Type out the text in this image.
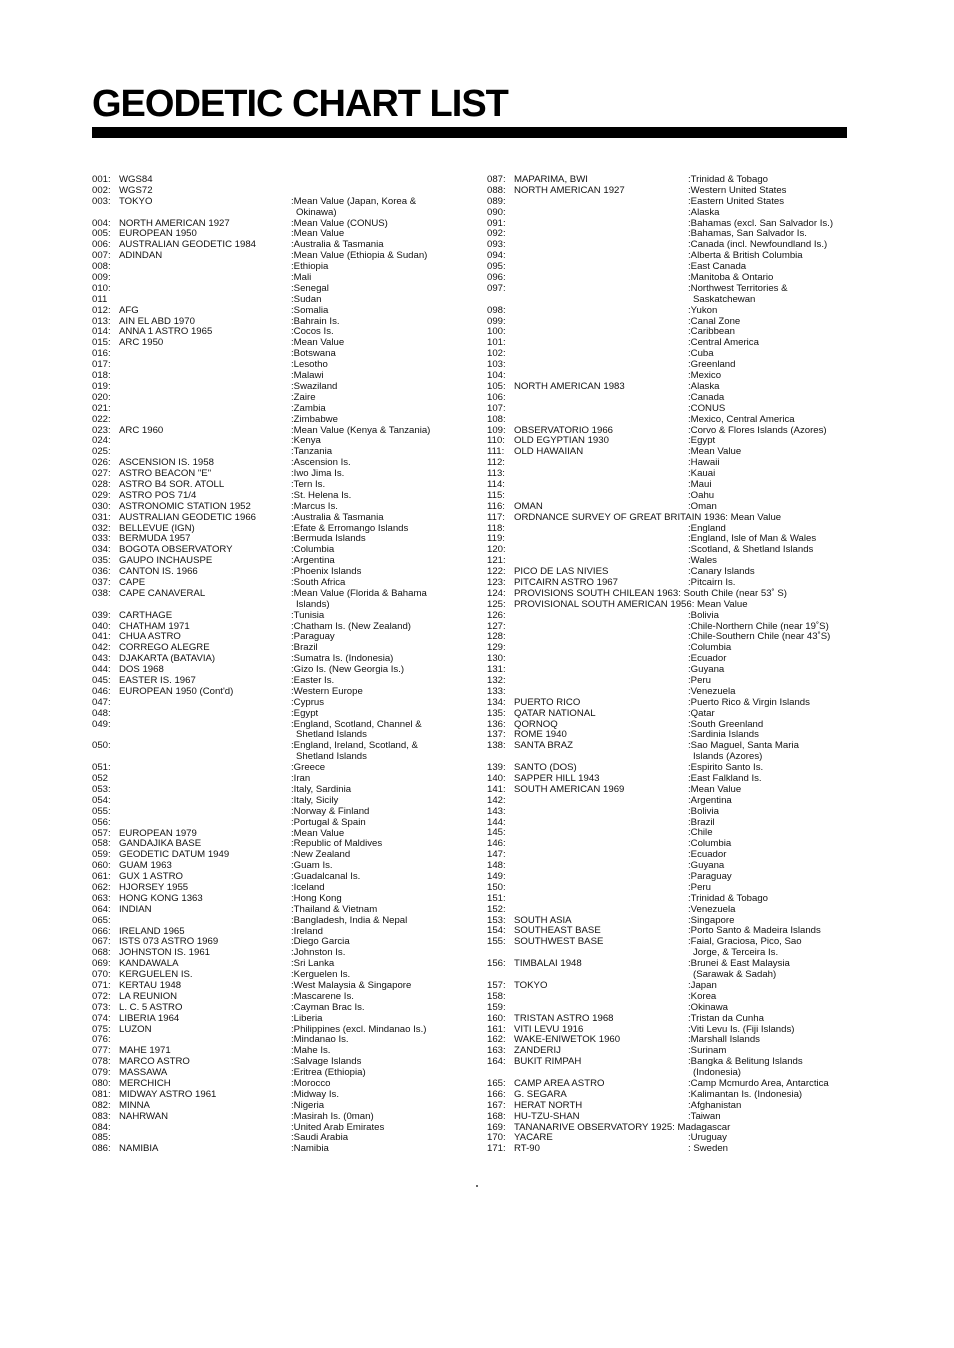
GEODETIC CHART LIST
001: WGS84
002: WGS72
003: TOKYO	:Mean Value (Japan, Korea &
Okinawa)
004: NORTH AMERICAN 1927	:Mean Value (CONUS)
005: EUROPEAN 1950	:Mean Value
006: AUSTRALIAN GEODETIC 1984	:Australia & Tasmania
007: ADINDAN	:Mean Value (Ethiopia & Sudan)
008:	:Ethiopia
009:	:Mali
010:	:Senegal
011	:Sudan
012: AFG	:Somalia
013: AIN EL ABD 1970	:Bahrain Is.
014: ANNA 1 ASTRO 1965	:Cocos Is.
015: ARC 1950	:Mean Value
016:	:Botswana
017:	:Lesotho
018:	:Malawi
019:	:Swaziland
020:	:Zaire
021:	:Zambia
022:	:Zimbabwe
023: ARC 1960	:Mean Value (Kenya & Tanzania)
024:	:Kenya
025:	:Tanzania
026: ASCENSION IS. 1958	:Ascension Is.
027: ASTRO BEACON "E"	:Iwo Jima Is.
028: ASTRO B4 SOR. ATOLL	:Tern Is.
029: ASTRO POS 71/4	:St. Helena Is.
030: ASTRONOMIC STATION 1952	:Marcus Is.
031: AUSTRALIAN GEODETIC 1966	:Australia & Tasmania
032: BELLEVUE (IGN)	:Efate & Erromango Islands
033: BERMUDA 1957	:Bermuda Islands
034: BOGOTA OBSERVATORY	:Columbia
035: GAUPO INCHAUSPE	:Argentina
036: CANTON IS. 1966	:Phoenix Islands
037: CAPE	:South Africa
038: CAPE CANAVERAL	:Mean Value (Florida & Bahama
Islands)
039: CARTHAGE	:Tunisia
040: CHATHAM 1971	:Chatham Is. (New Zealand)
041: CHUA ASTRO	:Paraguay
042: CORREGO ALEGRE	:Brazil
043: DJAKARTA (BATAVIA)	:Sumatra Is. (Indonesia)
044: DOS 1968	:Gizo Is. (New Georgia Is.)
045: EASTER IS. 1967	:Easter Is.
046: EUROPEAN 1950 (Cont'd)	:Western Europe
047:	:Cyprus
048:	:Egypt
049:	:England, Scotland, Channel &
Shetland Islands
050:	:England, Ireland, Scotland, &
Shetland Islands
051:	:Greece
052	:Iran
053:	:Italy, Sardinia
054:	:Italy, Sicily
055:	:Norway & Finland
056:	:Portugal & Spain
057: EUROPEAN 1979	:Mean Value
058: GANDAJIKA BASE	:Republic of Maldives
059: GEODETIC DATUM 1949	:New Zealand
060: GUAM 1963	:Guam Is.
061: GUX 1 ASTRO	:Guadalcanal Is.
062: HJORSEY 1955	:Iceland
063: HONG KONG 1363	:Hong Kong
064: INDIAN	:Thailand & Vietnam
065:	:Bangladesh, India & Nepal
066: IRELAND 1965	:Ireland
067: ISTS 073 ASTRO 1969	:Diego Garcia
068: JOHNSTON IS. 1961	:Johnston Is.
069: KANDAWALA	:Sri Lanka
070: KERGUELEN IS.	:Kerguelen Is.
071: KERTAU 1948	:West Malaysia & Singapore
072: LA REUNION	:Mascarene Is.
073: L. C. 5 ASTRO	:Cayman Brac Is.
074: LIBERIA 1964	:Liberia
075: LUZON	:Philippines (excl. Mindanao Is.)
076:	:Mindanao Is.
077: MAHE 1971	:Mahe Is.
078: MARCO ASTRO	:Salvage Islands
079: MASSAWA	:Eritrea (Ethiopia)
080: MERCHICH	:Morocco
081: MIDWAY ASTRO 1961	:Midway Is.
082: MINNA	:Nigeria
083: NAHRWAN	:Masirah Is. (0man)
084:	:United Arab Emirates
085:	:Saudi Arabia
086: NAMIBIA	:Namibia
087: MAPARIMA, BWI	:Trinidad & Tobago
088: NORTH AMERICAN 1927	:Western United States
089:	:Eastern United States
090:	:Alaska
091:	:Bahamas (excl. San Salvador Is.)
092:	:Bahamas, San Salvador Is.
093:	:Canada (incl. Newfoundland Is.)
094:	:Alberta & British Columbia
095:	:East Canada
096:	:Manitoba & Ontario
097:	:Northwest Territories &
Saskatchewan
098:	:Yukon
099:	:Canal Zone
100:	:Caribbean
101:	:Central America
102:	:Cuba
103:	:Greenland
104:	:Mexico
105: NORTH AMERICAN 1983	:Alaska
106:	:Canada
107:	:CONUS
108:	:Mexico, Central America
109: OBSERVATORIO 1966	:Corvo & Flores Islands (Azores)
110: OLD EGYPTIAN 1930	:Egypt
111: OLD HAWAIIAN	:Mean Value
112:	:Hawaii
113:	:Kauai
114:	:Maui
115:	:Oahu
116: OMAN	:Oman
117: ORDNANCE SURVEY OF GREAT BRITAIN 1936: Mean Value
118:	:England
119:	:England, Isle of Man & Wales
120:	:Scotland, & Shetland Islands
121:	:Wales
122: PICO DE LAS NIVIES	:Canary Islands
123: PITCAIRN ASTRO 1967	:Pitcairn Is.
124: PROVISIONS SOUTH CHILEAN 1963: South Chile (near 53˚ S)
125: PROVISIONAL SOUTH AMERICAN 1956: Mean Value
126:	:Bolivia
127:	:Chile-Northern Chile (near 19˚S)
128:	:Chile-Southern Chile (near 43˚S)
129:	:Columbia
130:	:Ecuador
131:	:Guyana
132:	:Peru
133:	:Venezuela
134: PUERTO RICO	:Puerto Rico & Virgin Islands
135: QATAR NATIONAL	:Qatar
136: QORNOQ	:South Greenland
137: ROME 1940	:Sardinia Islands
138: SANTA BRAZ	:Sao Maguel, Santa Maria
Islands (Azores)
139: SANTO (DOS)	:Espirito Santo Is.
140: SAPPER HILL 1943	:East Falkland Is.
141: SOUTH AMERICAN 1969	:Mean Value
142:	:Argentina
143:	:Bolivia
144:	:Brazil
145:	:Chile
146:	:Columbia
147:	:Ecuador
148:	:Guyana
149:	:Paraguay
150:	:Peru
151:	:Trinidad & Tobago
152:	:Venezuela
153: SOUTH ASIA	:Singapore
154: SOUTHEAST BASE	:Porto Santo & Madeira Islands
155: SOUTHWEST BASE	:Faial, Graciosa, Pico, Sao
Jorge, & Terceira Is.
156: TIMBALAI 1948	:Brunei & East Malaysia
(Sarawak & Sadah)
157: TOKYO	:Japan
158:	:Korea
159:	:Okinawa
160: TRISTAN ASTRO 1968	:Tristan da Cunha
161: VITI LEVU 1916	:Viti Levu Is. (Fiji Islands)
162: WAKE-ENIWETOK 1960	:Marshall Islands
163: ZANDERIJ	:Surinam
164: BUKIT RIMPAH	:Bangka & Belitung Islands
(Indonesia)
165: CAMP AREA ASTRO	:Camp Mcmurdo Area, Antarctica
166: G. SEGARA	:Kalimantan Is. (Indonesia)
167: HERAT NORTH	:Afghanistan
168: HU-TZU-SHAN	:Taiwan
169: TANANARIVE OBSERVATORY 1925: Madagascar
170: YACARE	:Uruguay
171: RT-90	: Sweden
